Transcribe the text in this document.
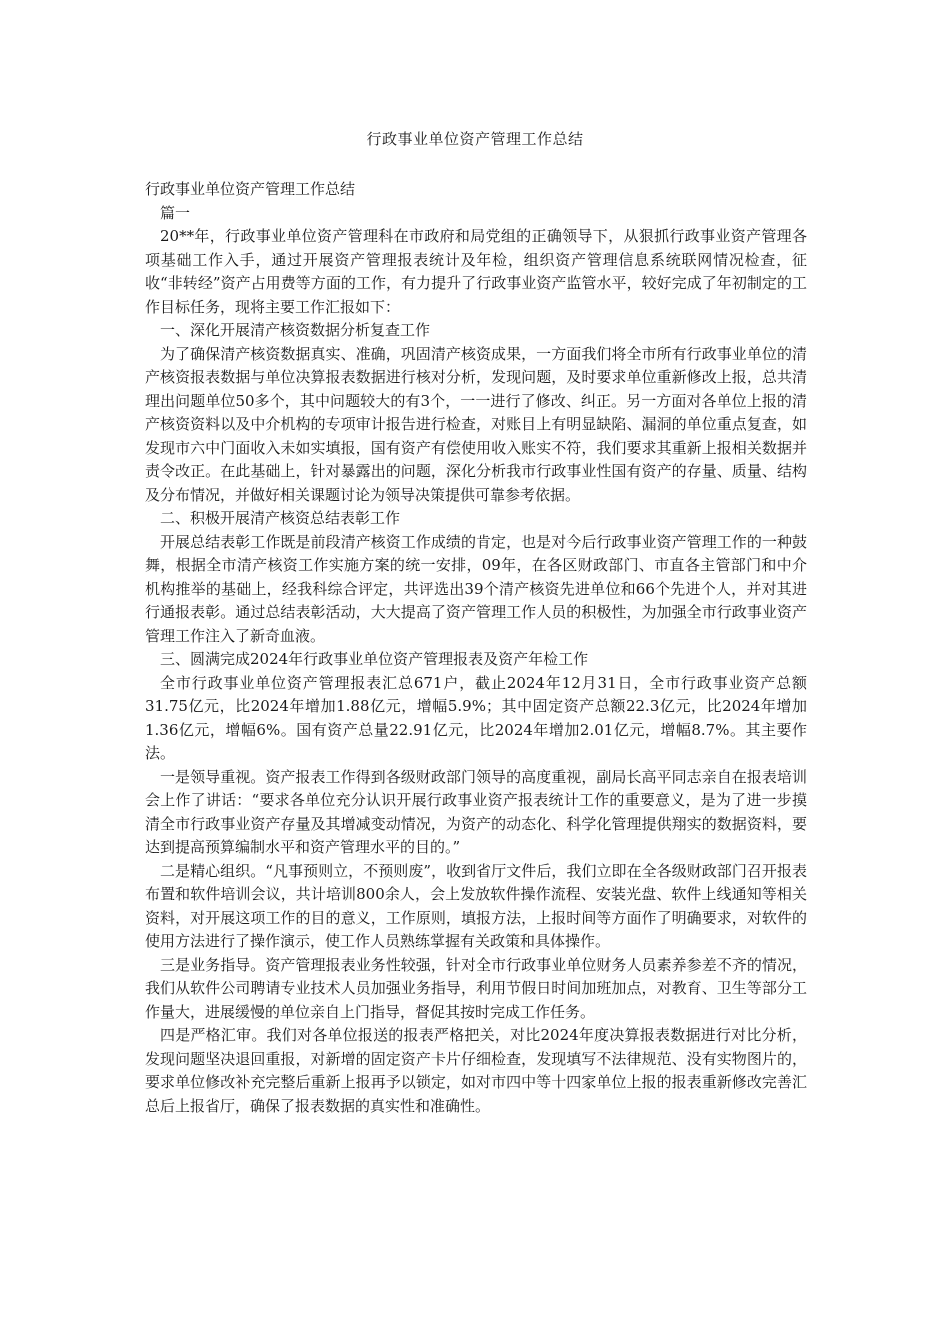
行政事业单位资产管理工作总结

行政事业单位资产管理工作总结

篇一

20**年，行政事业单位资产管理科在市政府和局党组的正确领导下，从狠抓行政事业资产管理各项基础工作入手，通过开展资产管理报表统计及年检，组织资产管理信息系统联网情况检查，征收“非转经”资产占用费等方面的工作，有力提升了行政事业资产监管水平，较好完成了年初制定的工作目标任务，现将主要工作汇报如下：

一、深化开展清产核资数据分析复查工作

为了确保清产核资数据真实、准确，巩固清产核资成果，一方面我们将全市所有行政事业单位的清产核资报表数据与单位决算报表数据进行核对分析，发现问题，及时要求单位重新修改上报，总共清理出问题单位50多个，其中问题较大的有3个，一一进行了修改、纠正。另一方面对各单位上报的清产核资资料以及中介机构的专项审计报告进行检查，对账目上有明显缺陷、漏洞的单位重点复查，如发现市六中门面收入未如实填报，国有资产有偿使用收入账实不符，我们要求其重新上报相关数据并责令改正。在此基础上，针对暴露出的问题，深化分析我市行政事业性国有资产的存量、质量、结构及分布情况，并做好相关课题讨论为领导决策提供可靠参考依据。

二、积极开展清产核资总结表彰工作

开展总结表彰工作既是前段清产核资工作成绩的肯定，也是对今后行政事业资产管理工作的一种鼓舞，根据全市清产核资工作实施方案的统一安排，09年，在各区财政部门、市直各主管部门和中介机构推举的基础上，经我科综合评定，共评选出39个清产核资先进单位和66个先进个人，并对其进行通报表彰。通过总结表彰活动，大大提高了资产管理工作人员的积极性，为加强全市行政事业资产管理工作注入了新奇血液。

三、圆满完成2024年行政事业单位资产管理报表及资产年检工作

全市行政事业单位资产管理报表汇总671户，截止2024年12月31日，全市行政事业资产总额31.75亿元，比2024年增加1.88亿元，增幅5.9%；其中固定资产总额22.3亿元，比2024年增加1.36亿元，增幅6%。国有资产总量22.91亿元，比2024年增加2.01亿元，增幅8.7%。其主要作法。

一是领导重视。资产报表工作得到各级财政部门领导的高度重视，副局长高平同志亲自在报表培训会上作了讲话：“要求各单位充分认识开展行政事业资产报表统计工作的重要意义，是为了进一步摸清全市行政事业资产存量及其增减变动情况，为资产的动态化、科学化管理提供翔实的数据资料，要达到提高预算编制水平和资产管理水平的目的。”

二是精心组织。“凡事预则立，不预则废”，收到省厅文件后，我们立即在全各级财政部门召开报表布置和软件培训会议，共计培训800余人，会上发放软件操作流程、安装光盘、软件上线通知等相关资料，对开展这项工作的目的意义，工作原则，填报方法，上报时间等方面作了明确要求，对软件的使用方法进行了操作演示，使工作人员熟练掌握有关政策和具体操作。

三是业务指导。资产管理报表业务性较强，针对全市行政事业单位财务人员素养参差不齐的情况，我们从软件公司聘请专业技术人员加强业务指导，利用节假日时间加班加点，对教育、卫生等部分工作量大，进展缓慢的单位亲自上门指导，督促其按时完成工作任务。

四是严格汇审。我们对各单位报送的报表严格把关，对比2024年度决算报表数据进行对比分析，发现问题坚决退回重报，对新增的固定资产卡片仔细检查，发现填写不法律规范、没有实物图片的，要求单位修改补充完整后重新上报再予以锁定，如对市四中等十四家单位上报的报表重新修改完善汇总后上报省厅，确保了报表数据的真实性和准确性。
